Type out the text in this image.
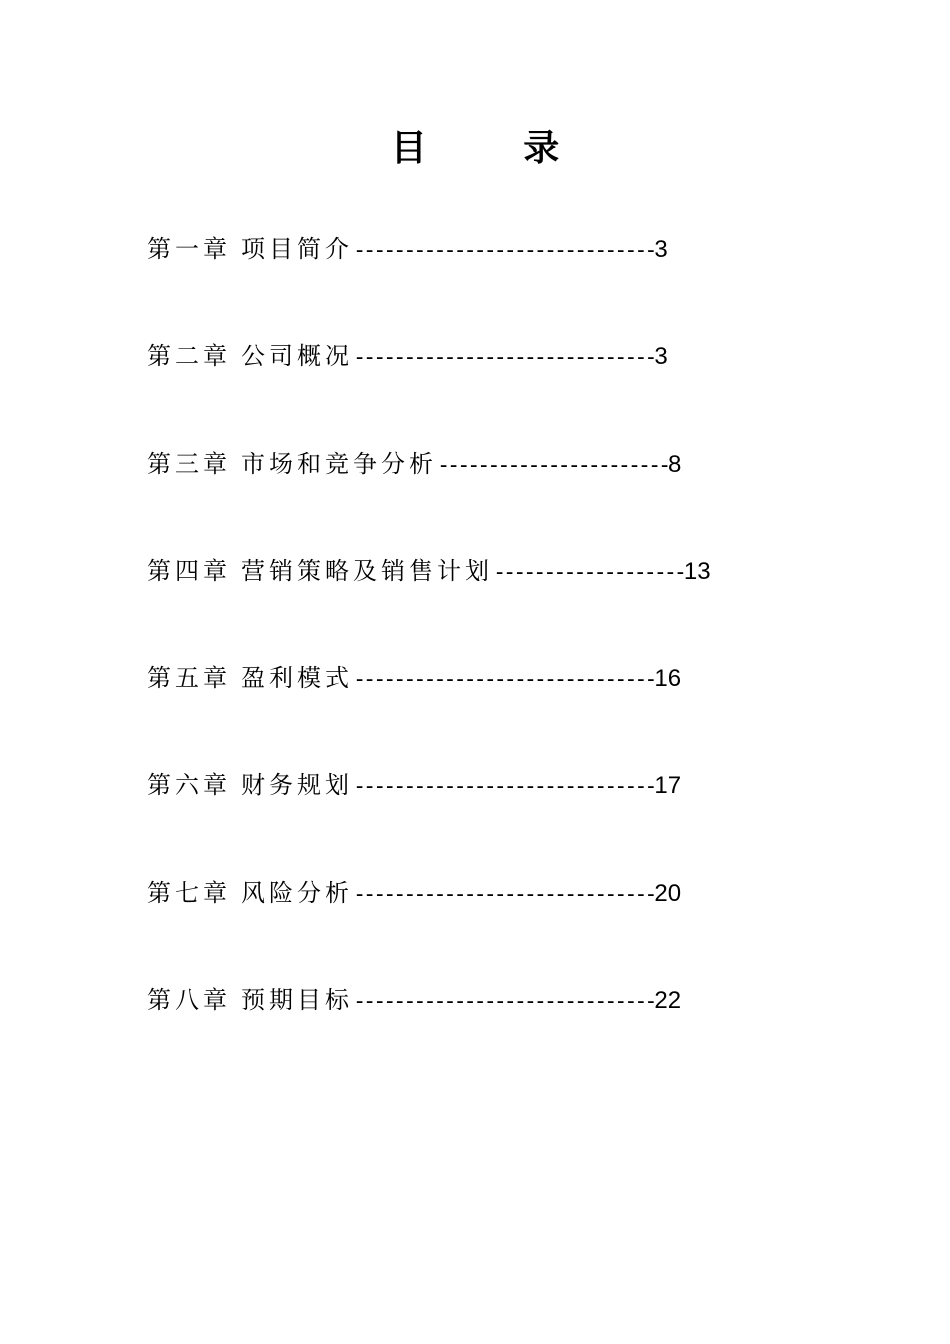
目 录
第一章 项目简介------------------------------3
第二章 公司概况------------------------------3
第三章 市场和竞争分析-----------------------8
第四章 营销策略及销售计划-------------------13
第五章 盈利模式------------------------------16
第六章 财务规划------------------------------17
第七章 风险分析------------------------------20
第八章 预期目标------------------------------22
